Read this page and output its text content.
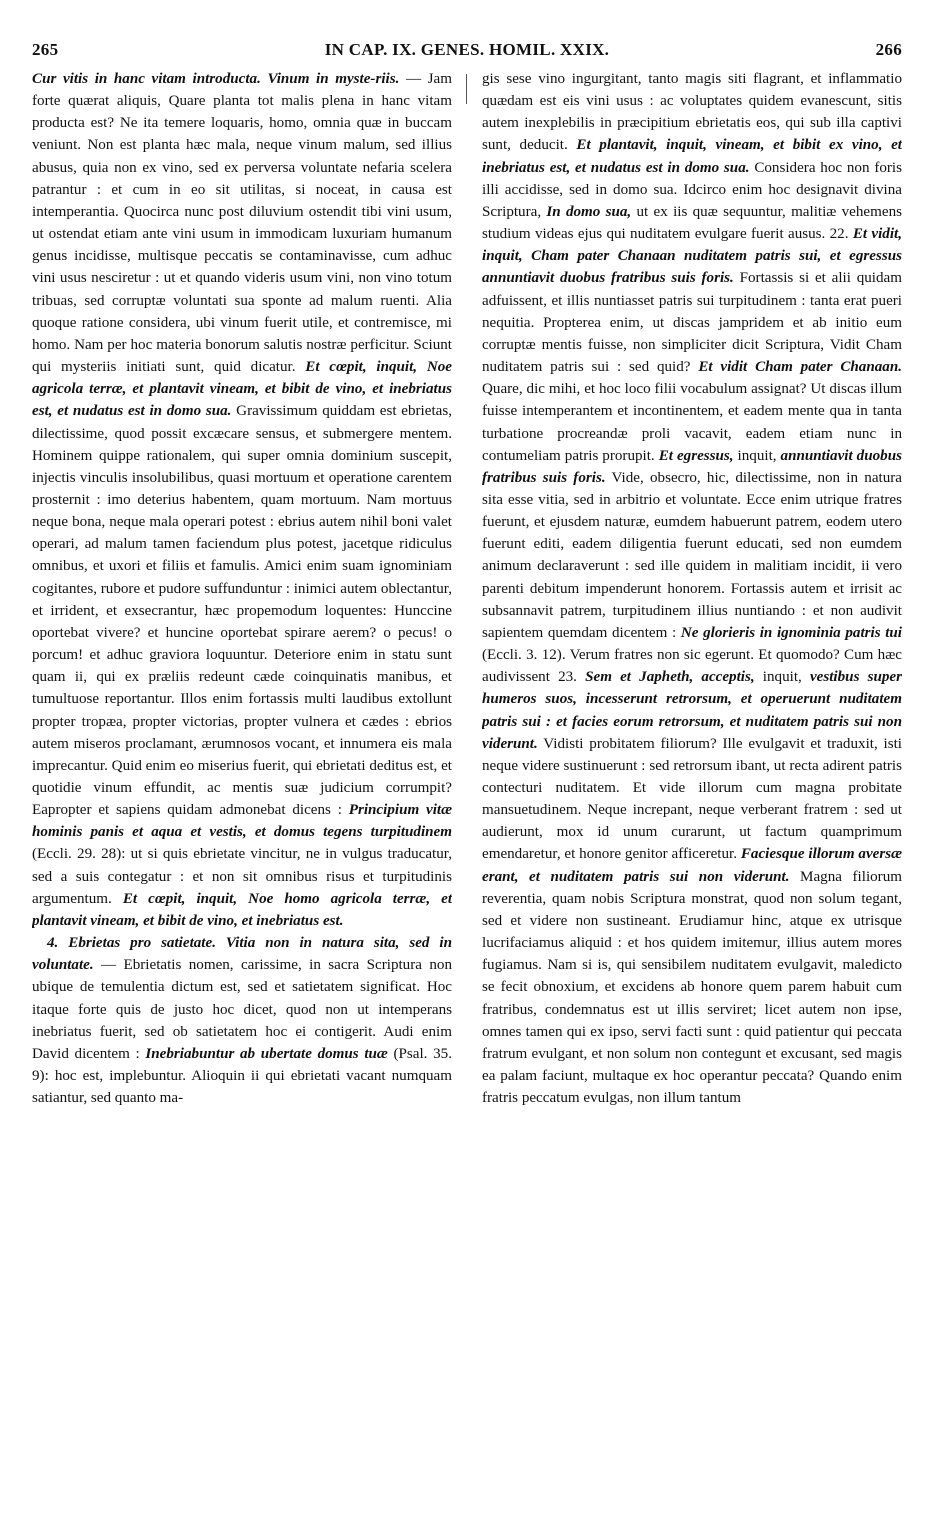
265	IN CAP. IX. GENES. HOMIL. XXIX.	266

Cur vitis in hanc vitam introducta. Vinum in myste-riis. — Jam forte quærat aliquis, Quare planta tot malis plena in hanc vitam producta est? Ne ita temere loquaris, homo, omnia quæ in buccam veniunt. Non est planta hæc mala, neque vinum malum, sed illius abusus, quia non ex vino, sed ex perversa voluntate nefaria scelera patrantur : et cum in eo sit utilitas, si noceat, in causa est intemperantia. Quocirca nunc post diluvium ostendit tibi vini usum, ut ostendat etiam ante vini usum in immodicam luxuriam humanum genus incidisse, multisque peccatis se contaminavisse, cum adhuc vini usus nesciretur : ut et quando videris usum vini, non vino totum tribuas, sed corruptæ voluntati sua sponte ad malum ruenti. Alia quoque ratione considera, ubi vinum fuerit utile, et contremisce, mi homo. Nam per hoc materia bonorum salutis nostræ perficitur. Sciunt qui mysteriis initiati sunt, quid dicatur. Et cœpit, inquit, Noe agricola terræ, et plantavit vineam, et bibit de vino, et inebriatus est, et nudatus est in domo sua. Gravissimum quiddam est ebrietas, dilectissime, quod possit excæcare sensus, et submergere mentem. Hominem quippe rationalem, qui super omnia dominium suscepit, injectis vinculis insolubilibus, quasi mortuum et operatione carentem prosternit : imo deterius habentem, quam mortuum. Nam mortuus neque bona, neque mala operari potest : ebrius autem nihil boni valet operari, ad malum tamen faciendum plus potest, jacetque ridiculus omnibus, et uxori et filiis et famulis. Amici enim suam ignominiam cogitantes, rubore et pudore suffunduntur : inimici autem oblectantur, et irrident, et exsecrantur, hæc propemodum loquentes: Hunccine oportebat vivere? et huncine oportebat spirare aerem? o pecus! o porcum! et adhuc graviora loquuntur. Deteriore enim in statu sunt quam ii, qui ex præliis redeunt cæde coinquinatis manibus, et tumultuose reportantur. Illos enim fortassis multi laudibus extollunt propter tropæa, propter victorias, propter vulnera et cædes : ebrios autem miseros proclamant, ærumnosos vocant, et innumera eis mala imprecantur. Quid enim eo miserius fuerit, qui ebrietati deditus est, et quotidie vinum effundit, ac mentis suæ judicium corrumpit? Eapropter et sapiens quidam admonebat dicens : Principium vitæ hominis panis et aqua et vestis, et domus tegens turpitudinem (Eccli. 29. 28): ut si quis ebrietate vincitur, ne in vulgus traducatur, sed a suis contegatur : et non sit omnibus risus et turpitudinis argumentum. Et cœpit, inquit, Noe homo agricola terræ, et plantavit vineam, et bibit de vino, et inebriatus est.

4. Ebrietas pro satietate. Vitia non in natura sita, sed in voluntate. — Ebrietatis nomen, carissime, in sacra Scriptura non ubique de temulentia dictum est, sed et satietatem significat. Hoc itaque forte quis de justo hoc dicet, quod non ut intemperans inebriatus fuerit, sed ob satietatem hoc ei contigerit. Audi enim David dicentem : Inebriabuntur ab ubertate domus tuæ (Psal. 35. 9): hoc est, implebuntur. Alioquin ii qui ebrietati vacant numquam satiantur, sed quanto ma-

gis sese vino ingurgitant, tanto magis siti flagrant, et inflammatio quædam est eis vini usus : ac voluptates quidem evanescunt, sitis autem inexplebilis in præcipitium ebrietatis eos, qui sub illa captivi sunt, deducit. Et plantavit, inquit, vineam, et bibit ex vino, et inebriatus est, et nudatus est in domo sua. Considera hoc non foris illi accidisse, sed in domo sua. Idcirco enim hoc designavit divina Scriptura, In domo sua, ut ex iis quæ sequuntur, malitiæ vehemens studium videas ejus qui nuditatem evulgare fuerit ausus. 22. Et vidit, inquit, Cham pater Chanaan nuditatem patris sui, et egressus annuntiavit duobus fratribus suis foris. Fortassis si et alii quidam adfuissent, et illis nuntiasset patris sui turpitudinem : tanta erat pueri nequitia. Propterea enim, ut discas jampridem et ab initio eum corruptæ mentis fuisse, non simpliciter dicit Scriptura, Vidit Cham nuditatem patris sui : sed quid? Et vidit Cham pater Chanaan. Quare, dic mihi, et hoc loco filii vocabulum assignat? Ut discas illum fuisse intemperantem et incontinentem, et eadem mente qua in tanta turbatione procreandæ proli vacavit, eadem etiam nunc in contumeliam patris prorupit. Et egressus, inquit, annuntiavit duobus fratribus suis foris. Vide, obsecro, hic, dilectissime, non in natura sita esse vitia, sed in arbitrio et voluntate. Ecce enim utrique fratres fuerunt, et ejusdem naturæ, eumdem habuerunt patrem, eodem utero fuerunt editi, eadem diligentia fuerunt educati, sed non eumdem animum declaraverunt : sed ille quidem in malitiam incidit, ii vero parenti debitum impenderunt honorem. Fortassis autem et irrisit ac subsannavit patrem, turpitudinem illius nuntiando : et non audivit sapientem quemdam dicentem : Ne glorieris in ignominia patris tui (Eccli. 3. 12). Verum fratres non sic egerunt. Et quomodo? Cum hæc audivissent 23. Sem et Japheth, acceptis, inquit, vestibus super humeros suos, incesserunt retrorsum, et operuerunt nuditatem patris sui : et facies eorum retrorsum, et nuditatem patris sui non viderunt. Vidisti probitatem filiorum? Ille evulgavit et traduxit, isti neque videre sustinuerunt : sed retrorsum ibant, ut recta adirent patris contecturi nuditatem. Et vide illorum cum magna probitate mansuetudinem. Neque increpant, neque verberant fratrem : sed ut audierunt, mox id unum curarunt, ut factum quamprimum emendaretur, et honore genitor afficeretur. Faciesque illorum aversæ erant, et nuditatem patris sui non viderunt. Magna filiorum reverentia, quam nobis Scriptura monstrat, quod non solum tegant, sed et videre non sustineant. Erudiamur hinc, atque ex utrisque lucrifaciamus aliquid : et hos quidem imitemur, illius autem mores fugiamus. Nam si is, qui sensibilem nuditatem evulgavit, maledicto se fecit obnoxium, et excidens ab honore quem parem habuit cum fratribus, condemnatus est ut illis serviret; licet autem non ipse, omnes tamen qui ex ipso, servi facti sunt : quid patientur qui peccata fratrum evulgant, et non solum non contegunt et excusant, sed magis ea palam faciunt, multaque ex hoc operantur peccata? Quando enim fratris peccatum evulgas, non illum tantum
